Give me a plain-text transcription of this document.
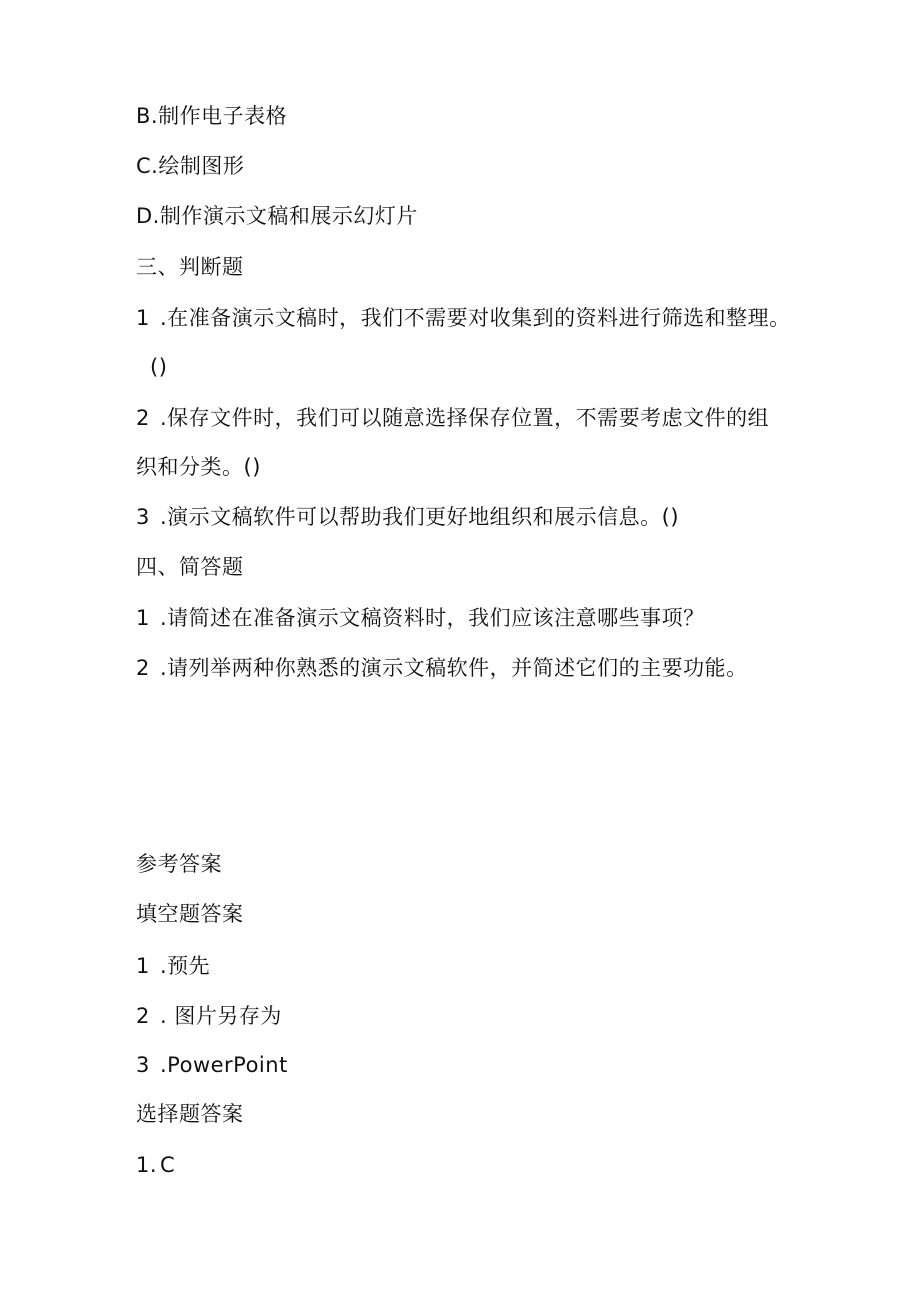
B.制作电子表格
C.绘制图形
D.制作演示文稿和展示幻灯片
三、判断题
1 .在准备演示文稿时，我们不需要对收集到的资料进行筛选和整理。
()
2 .保存文件时，我们可以随意选择保存位置，不需要考虑文件的组
织和分类。()
3 .演示文稿软件可以帮助我们更好地组织和展示信息。()
四、简答题
1 .请简述在准备演示文稿资料时，我们应该注意哪些事项？
2 .请列举两种你熟悉的演示文稿软件，并简述它们的主要功能。
参考答案
填空题答案
1 .预先
2 . 图片另存为
3 .PowerPoint
选择题答案
1. C
